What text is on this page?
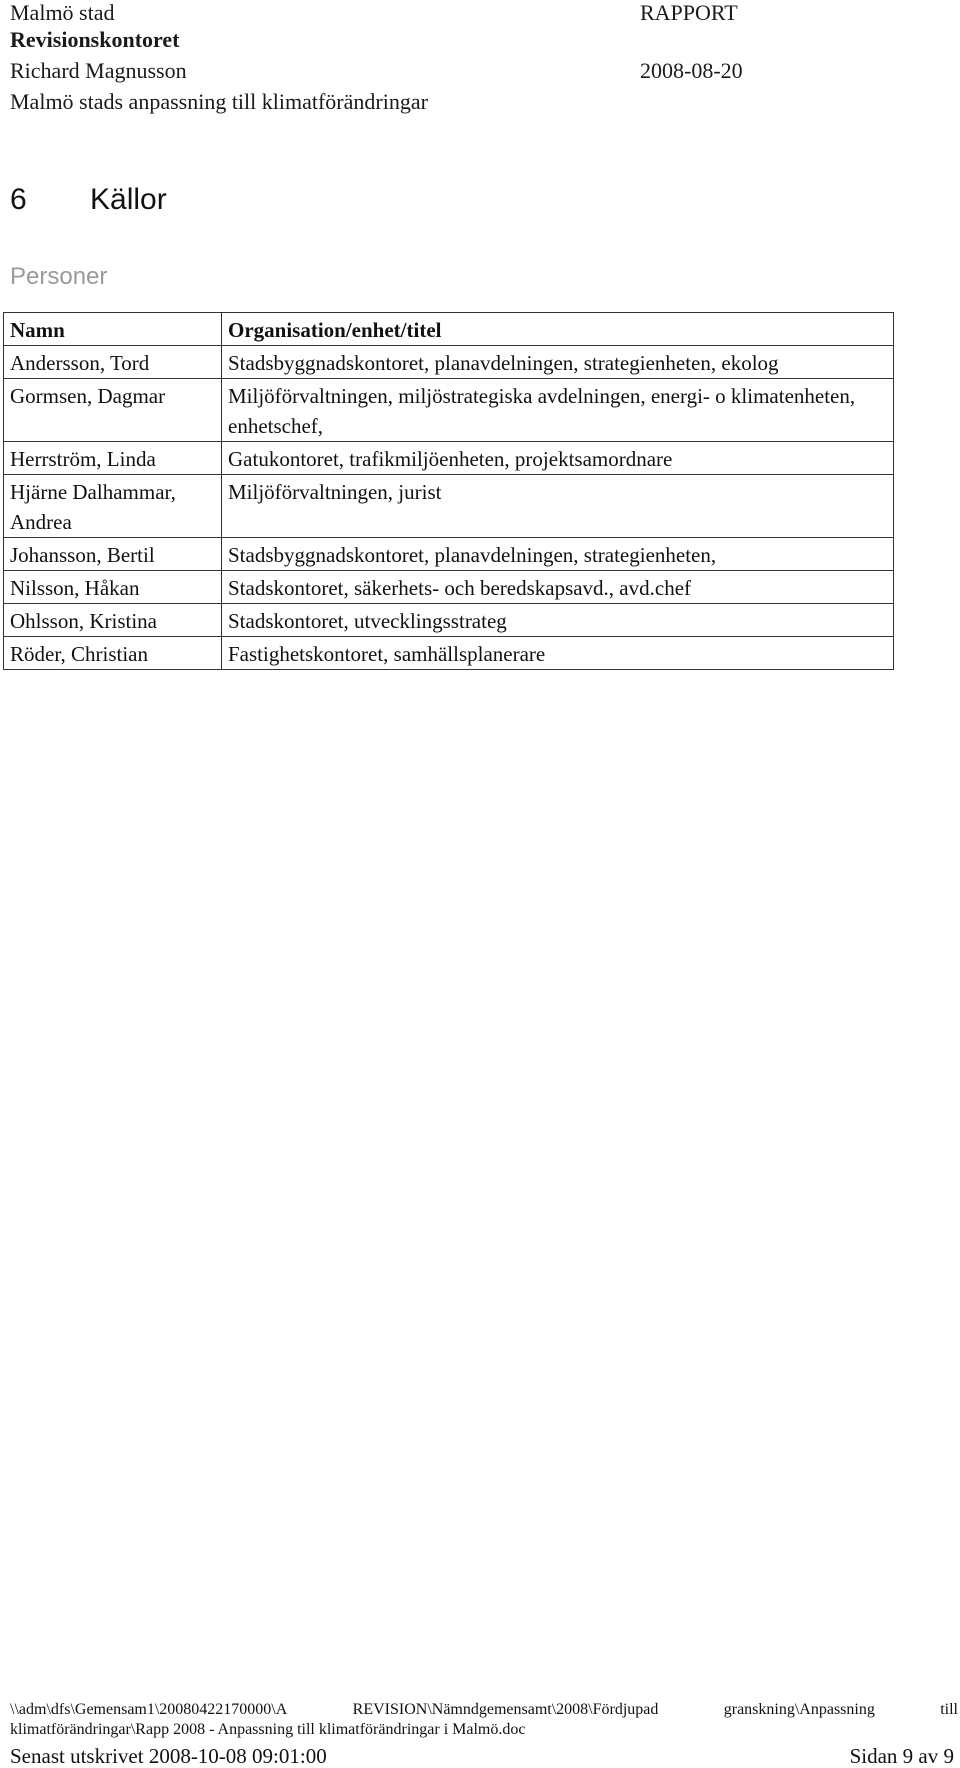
Malmö stad	RAPPORT
Revisionskontoret
Richard Magnusson	2008-08-20
Malmö stads anpassning till klimatförändringar
6 Källor
Personer
Namn	Organisation/enhet/titel
Andersson, Tord	Stadsbyggnadskontoret, planavdelningen, strategienheten, ekolog
Gormsen, Dagmar	Miljöförvaltningen, miljöstrategiska avdelningen, energi- o klimatenheten, enhetschef,
Herrström, Linda	Gatukontoret, trafikmiljöenheten, projektsamordnare
Hjärne Dalhammar, Andrea	Miljöförvaltningen, jurist
Johansson, Bertil	Stadsbyggnadskontoret, planavdelningen, strategienheten,
Nilsson, Håkan	Stadskontoret, säkerhets- och beredskapsavd., avd.chef
Ohlsson, Kristina	Stadskontoret, utvecklingsstrateg
Röder, Christian	Fastighetskontoret, samhällsplanerare
\\adm\dfs\Gemensam1\20080422170000\A	REVISION\Nämndgemensamt\2008\Fördjupad	granskning\Anpassning	till
klimatförändringar\Rapp 2008 - Anpassning till klimatförändringar i Malmö.doc
Senast utskrivet 2008-10-08 09:01:00	Sidan 9 av 9
